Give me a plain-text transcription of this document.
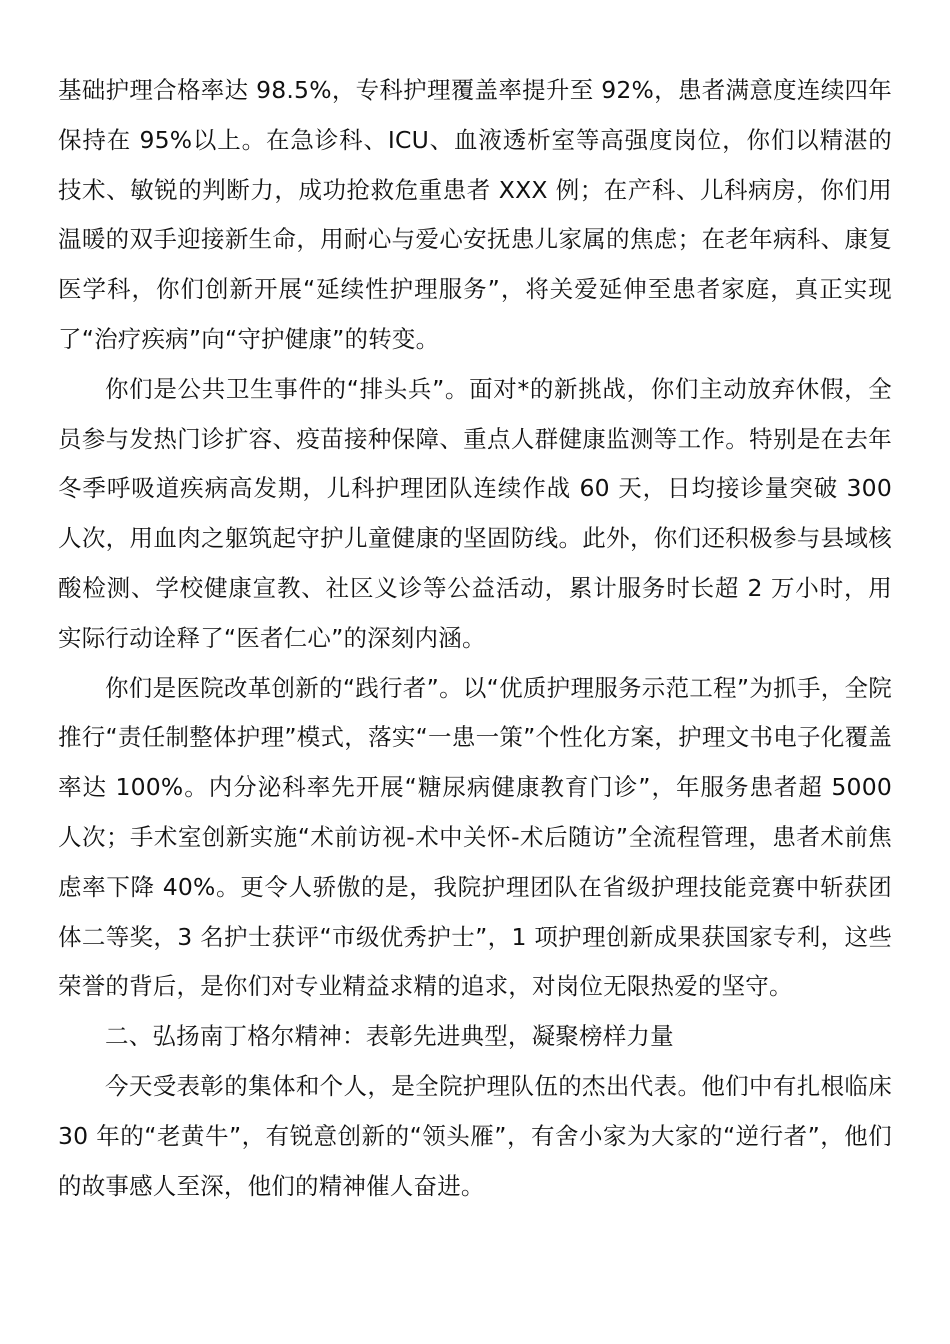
基础护理合格率达 98.5%，专科护理覆盖率提升至 92%，患者满意度连续四年保持在 95%以上。在急诊科、ICU、血液透析室等高强度岗位，你们以精湛的技术、敏锐的判断力，成功抢救危重患者 XXX 例；在产科、儿科病房，你们用温暖的双手迎接新生命，用耐心与爱心安抚患儿家属的焦虑；在老年病科、康复医学科，你们创新开展“延续性护理服务”，将关爱延伸至患者家庭，真正实现了“治疗疾病”向“守护健康”的转变。

你们是公共卫生事件的“排头兵”。面对*的新挑战，你们主动放弃休假，全员参与发热门诊扩容、疫苗接种保障、重点人群健康监测等工作。特别是在去年冬季呼吸道疾病高发期，儿科护理团队连续作战 60 天，日均接诊量突破 300 人次，用血肉之躯筑起守护儿童健康的坚固防线。此外，你们还积极参与县域核酸检测、学校健康宣教、社区义诊等公益活动，累计服务时长超 2 万小时，用实际行动诠释了“医者仁心”的深刻内涵。

你们是医院改革创新的“践行者”。以“优质护理服务示范工程”为抓手，全院推行“责任制整体护理”模式，落实“一患一策”个性化方案，护理文书电子化覆盖率达 100%。内分泌科率先开展“糖尿病健康教育门诊”，年服务患者超 5000 人次；手术室创新实施“术前访视-术中关怀-术后随访”全流程管理，患者术前焦虑率下降 40%。更令人骄傲的是，我院护理团队在省级护理技能竞赛中斩获团体二等奖，3 名护士获评“市级优秀护士”，1 项护理创新成果获国家专利，这些荣誉的背后，是你们对专业精益求精的追求，对岗位无限热爱的坚守。

二、弘扬南丁格尔精神：表彰先进典型，凝聚榜样力量

今天受表彰的集体和个人，是全院护理队伍的杰出代表。他们中有扎根临床 30 年的“老黄牛”，有锐意创新的“领头雁”，有舍小家为大家的“逆行者”，他们的故事感人至深，他们的精神催人奋进。
